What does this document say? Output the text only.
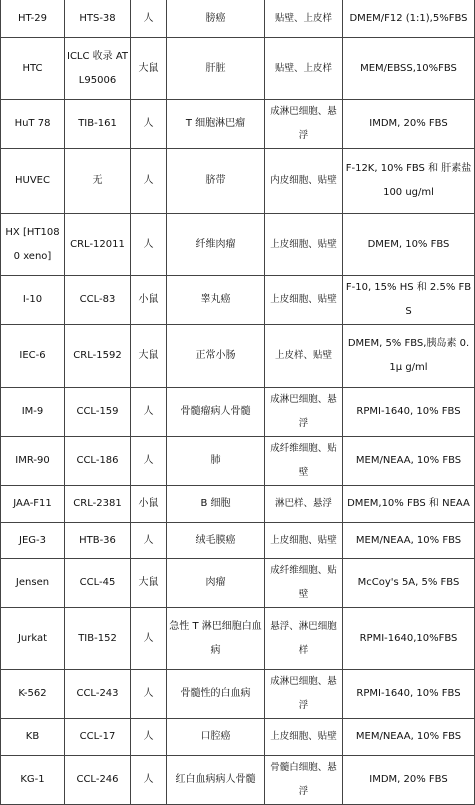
HT-29	HTS-38	人	膀癌	贴壁、上皮样	DMEM/F12 (1:1),5%FBS
HTC	ICLC 收录 ATL95006	大鼠	肝脏	贴壁、上皮样	MEM/EBSS,10%FBS
HuT 78	TIB-161	人	T 细胞淋巴瘤	成淋巴细胞、悬浮	IMDM, 20% FBS
HUVEC	无	人	脐带	内皮细胞、贴壁	F-12K, 10% FBS 和 肝素盐 100 ug/ml
HX [HT1080 xeno]	CRL-12011	人	纤维肉瘤	上皮细胞、贴壁	DMEM, 10% FBS
I-10	CCL-83	小鼠	睾丸癌	上皮细胞、贴壁	F-10, 15% HS 和 2.5% FBS
IEC-6	CRL-1592	大鼠	正常小肠	上皮样、贴壁	DMEM, 5% FBS,胰岛素 0.1μ g/ml
IM-9	CCL-159	人	骨髓瘤病人骨髓	成淋巴细胞、悬浮	RPMI-1640, 10% FBS
IMR-90	CCL-186	人	肺	成纤维细胞、贴壁	MEM/NEAA, 10% FBS
JAA-F11	CRL-2381	小鼠	B 细胞	淋巴样、悬浮	DMEM,10% FBS 和 NEAA
JEG-3	HTB-36	人	绒毛膜癌	上皮细胞、贴壁	MEM/NEAA, 10% FBS
Jensen	CCL-45	大鼠	肉瘤	成纤维细胞、贴壁	McCoy's 5A, 5% FBS
Jurkat	TIB-152	人	急性 T 淋巴细胞白血病	悬浮、淋巴细胞样	RPMI-1640,10%FBS
K-562	CCL-243	人	骨髓性的白血病	成淋巴细胞、悬浮	RPMI-1640, 10% FBS
KB	CCL-17	人	口腔癌	上皮细胞、贴壁	MEM/NEAA, 10% FBS
KG-1	CCL-246	人	红白血病病人骨髓	骨髓白细胞、悬浮	IMDM, 20% FBS
